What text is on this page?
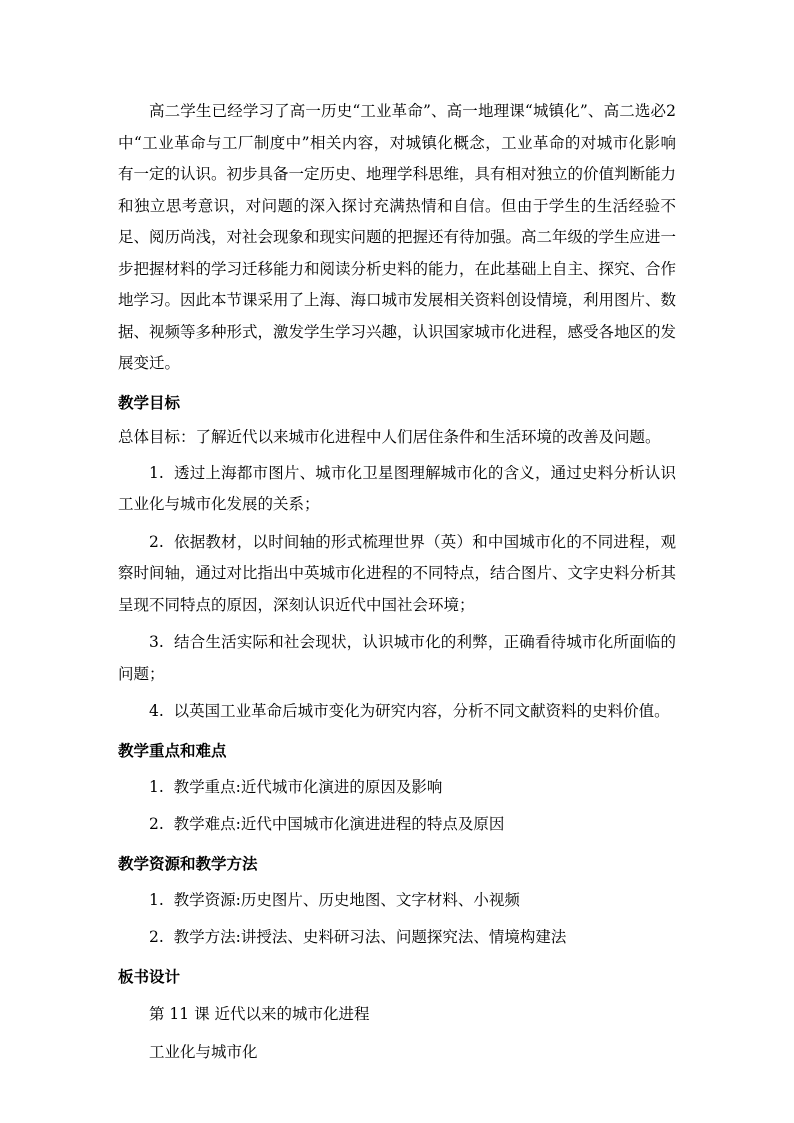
高二学生已经学习了高一历史“工业革命”、高一地理课“城镇化”、高二选必2中“工业革命与工厂制度中”相关内容，对城镇化概念，工业革命的对城市化影响有一定的认识。初步具备一定历史、地理学科思维，具有相对独立的价值判断能力和独立思考意识，对问题的深入探讨充满热情和自信。但由于学生的生活经验不足、阅历尚浅，对社会现象和现实问题的把握还有待加强。高二年级的学生应进一步把握材料的学习迁移能力和阅读分析史料的能力，在此基础上自主、探究、合作地学习。因此本节课采用了上海、海口城市发展相关资料创设情境，利用图片、数据、视频等多种形式，激发学生学习兴趣，认识国家城市化进程，感受各地区的发展变迁。

教学目标

总体目标：了解近代以来城市化进程中人们居住条件和生活环境的改善及问题。

1. 透过上海都市图片、城市化卫星图理解城市化的含义，通过史料分析认识工业化与城市化发展的关系；

2. 依据教材，以时间轴的形式梳理世界（英）和中国城市化的不同进程，观察时间轴，通过对比指出中英城市化进程的不同特点，结合图片、文字史料分析其呈现不同特点的原因，深刻认识近代中国社会环境；

3. 结合生活实际和社会现状，认识城市化的利弊，正确看待城市化所面临的问题；

4. 以英国工业革命后城市变化为研究内容，分析不同文献资料的史料价值。

教学重点和难点

1. 教学重点:近代城市化演进的原因及影响

2. 教学难点:近代中国城市化演进进程的特点及原因

教学资源和教学方法

1. 教学资源:历史图片、历史地图、文字材料、小视频

2. 教学方法:讲授法、史料研习法、问题探究法、情境构建法

板书设计

第 11 课 近代以来的城市化进程

工业化与城市化
